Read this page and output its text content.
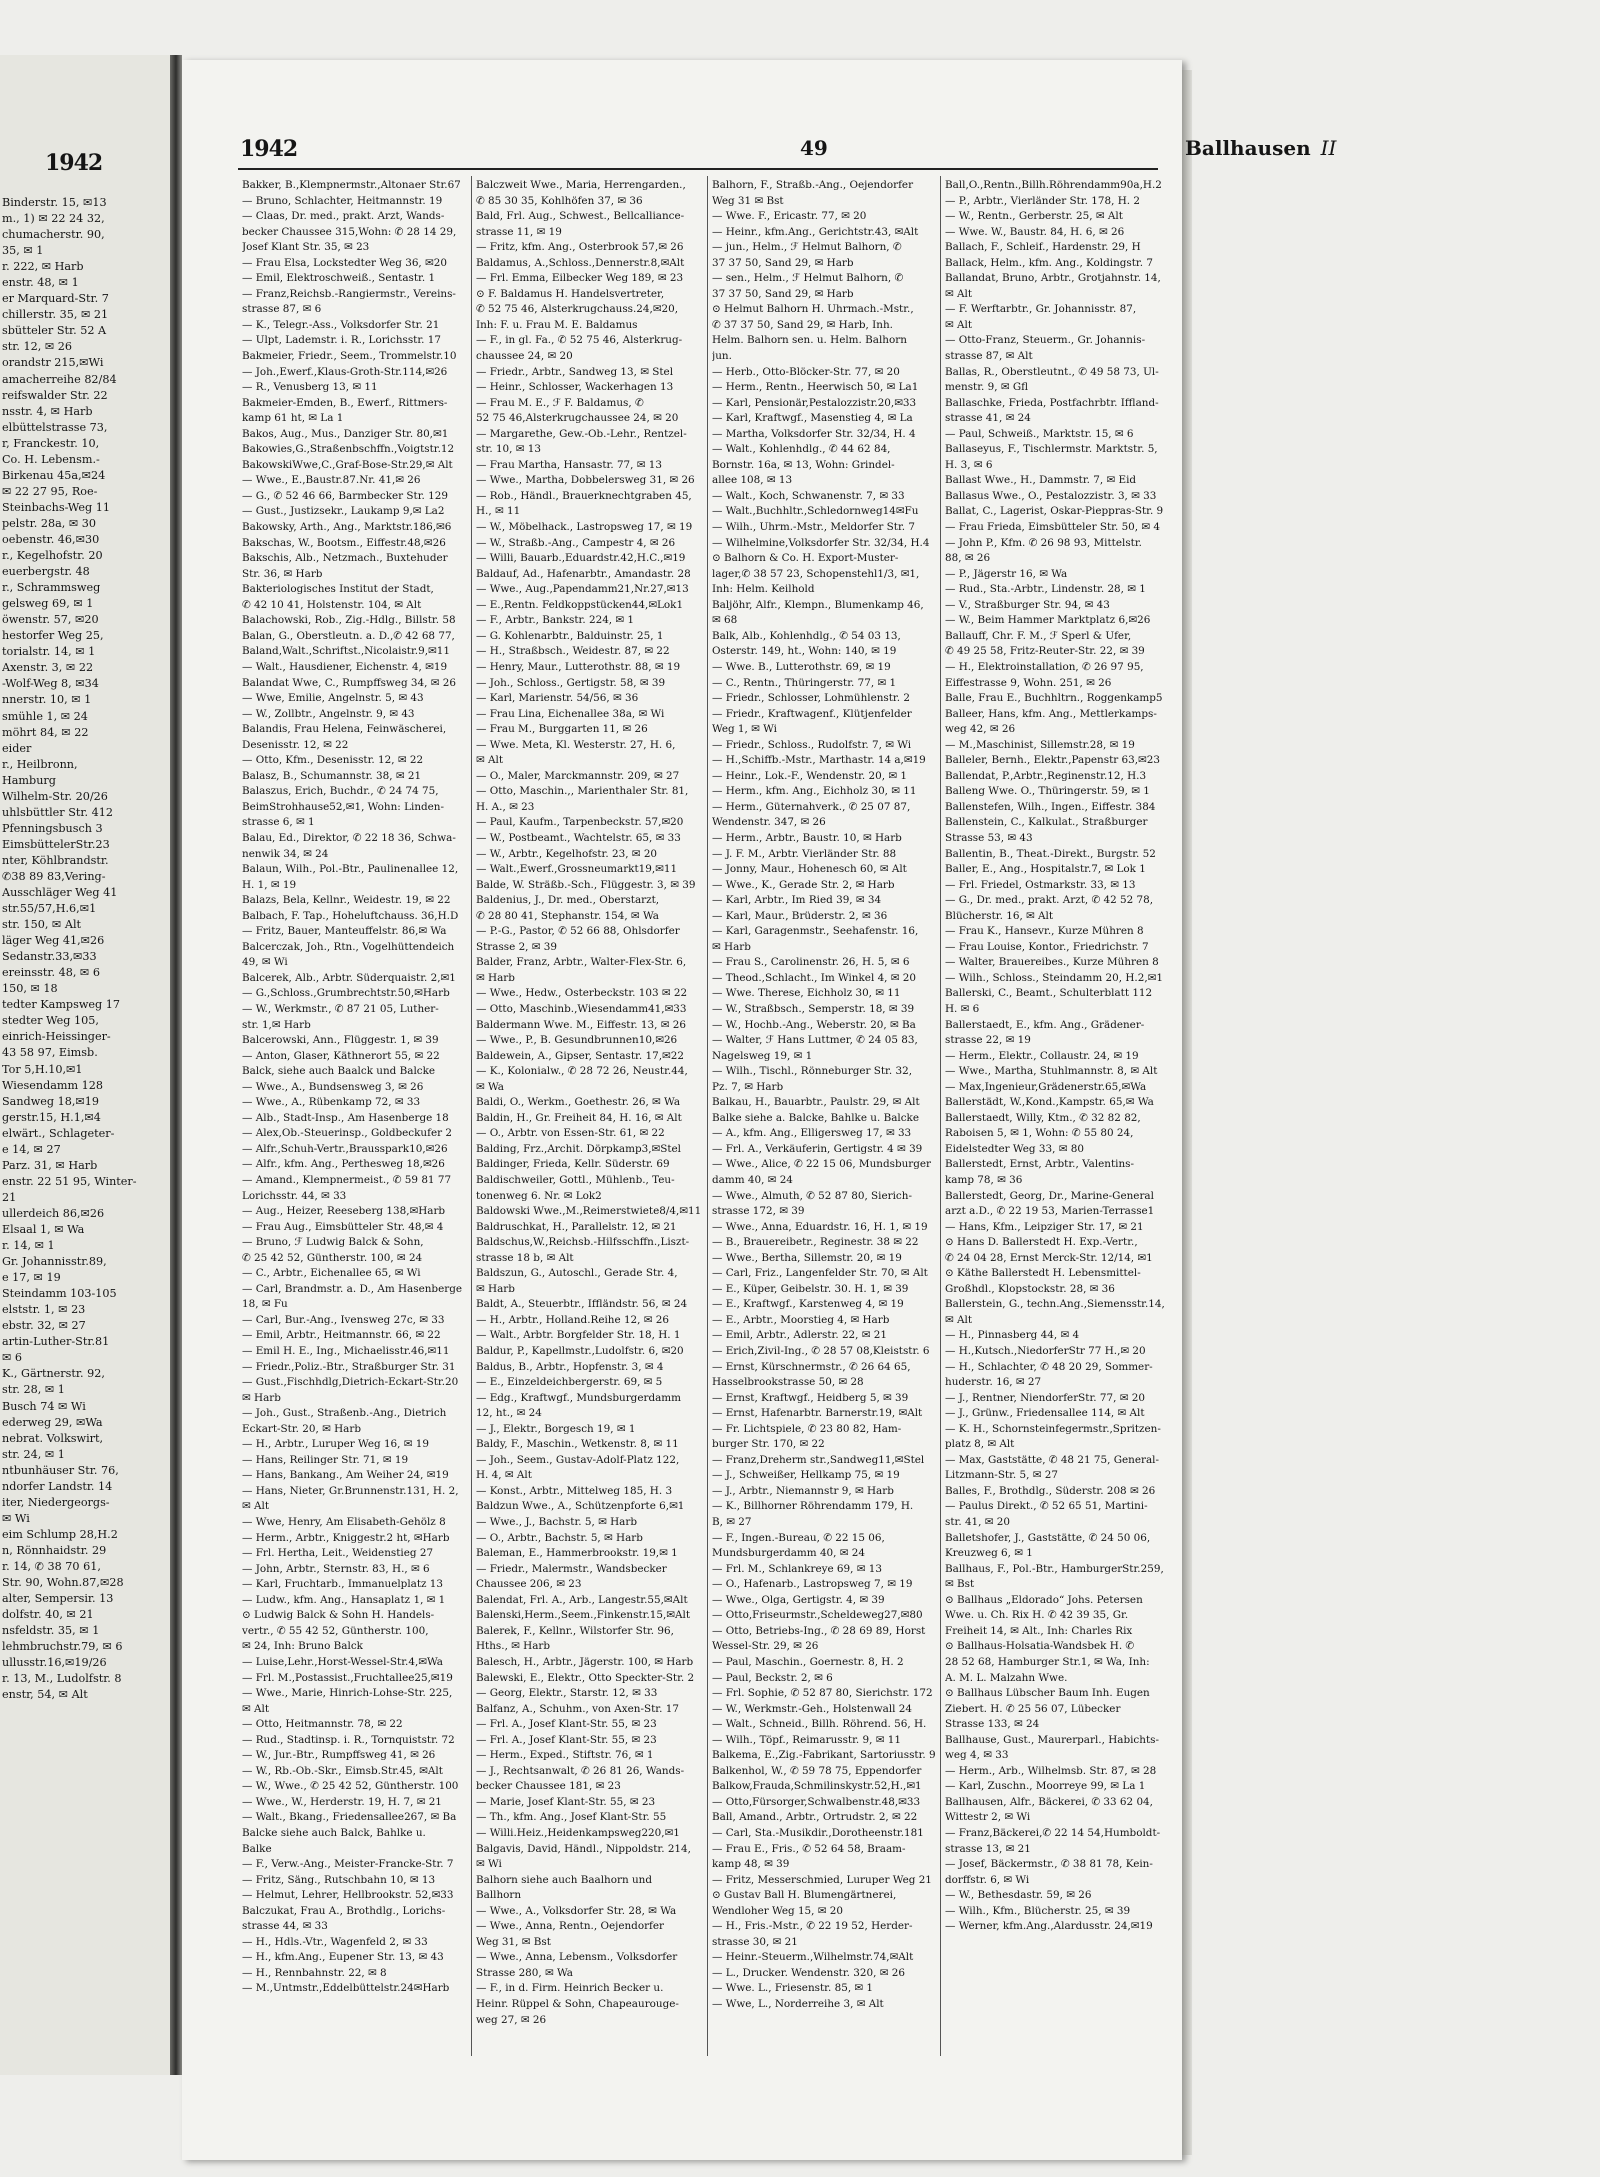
1942
Binderstr. 15, ✉13
m., 1) ✉ 22 24 32,
chumacherstr. 90,
35, ✉ 1
r. 222, ✉ Harb
enstr. 48, ✉ 1
er Marquard-Str. 7
chillerstr. 35, ✉ 21
sbütteler Str. 52 A
str. 12, ✉ 26
orandstr 215,✉Wi
amacherreihe 82/84
reifswalder Str. 22
nsstr. 4, ✉ Harb
elbüttelstrasse 73,
r, Franckestr. 10,
Co. H. Lebensm.-
Birkenau 45a,✉24
✉ 22 27 95, Roe-
Steinbachs-Weg 11
pelstr. 28a, ✉ 30
oebenstr. 46,✉30
r., Kegelhofstr. 20
euerbergstr. 48
r., Schrammsweg
gelsweg 69, ✉ 1
öwenstr. 57, ✉20
hestorfer Weg 25,
torialstr. 14, ✉ 1
Axenstr. 3, ✉ 22
-Wolf-Weg 8, ✉34
nnerstr. 10, ✉ 1
smühle 1, ✉ 24
möhrt 84, ✉ 22
eider
r., Heilbronn,
Hamburg
Wilhelm-Str. 20/26
uhlsbüttler Str. 412
Pfenningsbusch 3
EimsbüttelerStr.23
nter, Köhlbrandstr.
✆38 89 83,Vering-
Ausschläger Weg 41
str.55/57,H.6,✉1
str. 150, ✉ Alt
läger Weg 41,✉26
Sedanstr.33,✉33
ereinsstr. 48, ✉ 6
150, ✉ 18
tedter Kampsweg 17
stedter Weg 105,
einrich-Heissinger-
43 58 97, Eimsb.
Tor 5,H.10,✉1
Wiesendamm 128
Sandweg 18,✉19
gerstr.15, H.1,✉4
elwärt., Schlageter-
e 14, ✉ 27
Parz. 31, ✉ Harb
enstr. 22 51 95, Winter-
21
ullerdeich 86,✉26
Elsaal 1, ✉ Wa
r. 14, ✉ 1
Gr. Johannisstr.89,
e 17, ✉ 19
Steindamm 103-105
elststr. 1, ✉ 23
ebstr. 32, ✉ 27
artin-Luther-Str.81
✉ 6
K., Gärtnerstr. 92,
str. 28, ✉ 1
Busch 74 ✉ Wi
ederweg 29, ✉Wa
nebrat. Volkswirt,
str. 24, ✉ 1
ntbunhäuser Str. 76,
ndorfer Landstr. 14
iter, Niedergeorgs-
✉ Wi
eim Schlump 28,H.2
n, Rönnhaidstr. 29
r. 14, ✆ 38 70 61,
Str. 90, Wohn.87,✉28
alter, Sempersir. 13
dolfstr. 40, ✉ 21
nsfeldstr. 35, ✉ 1
lehmbruchstr.79, ✉ 6
ullusstr.16,✉19/26
r. 13, M., Ludolfstr. 8
enstr, 54, ✉ Alt
1942	49	Ballhausen II
Bakker, B.,Klempnermstr.,Altonaer Str.67
— Bruno, Schlachter, Heitmannstr. 19
— Claas, Dr. med., prakt. Arzt, Wands-
becker Chaussee 315,Wohn: ✆ 28 14 29,
Josef Klant Str. 35, ✉ 23
— Frau Elsa, Lockstedter Weg 36, ✉20
— Emil, Elektroschweiß., Sentastr. 1
— Franz,Reichsb.-Rangiermstr., Vereins-
strasse 87, ✉ 6
— K., Telegr.-Ass., Volksdorfer Str. 21
— Ulpt, Lademstr. i. R., Lorichsstr. 17
Bakmeier, Friedr., Seem., Trommelstr.10
— Joh.,Ewerf.,Klaus-Groth-Str.114,✉26
— R., Venusberg 13, ✉ 11
Bakmeier-Emden, B., Ewerf., Rittmers-
kamp 61 ht, ✉ La 1
Bakos, Aug., Mus., Danziger Str. 80,✉1
Bakowies,G.,Straßenbschffn.,Voigtstr.12
BakowskiWwe,C.,Graf-Bose-Str.29,✉ Alt
— Wwe., E.,Baustr.87.Nr. 41,✉ 26
— G., ✆ 52 46 66, Barmbecker Str. 129
— Gust., Justizsekr., Laukamp 9,✉ La2
Bakowsky, Arth., Ang., Marktstr.186,✉6
Bakschas, W., Bootsm., Eiffestr.48,✉26
Bakschis, Alb., Netzmach., Buxtehuder
Str. 36, ✉ Harb
Bakteriologisches Institut der Stadt,
✆ 42 10 41, Holstenstr. 104, ✉ Alt
Balachowski, Rob., Zig.-Hdlg., Billstr. 58
Balan, G., Oberstleutn. a. D.,✆ 42 68 77,
Baland,Walt.,Schriftst.,Nicolaistr.9,✉11
— Walt., Hausdiener, Eichenstr. 4, ✉19
Balandat Wwe, C., Rumpffsweg 34, ✉ 26
— Wwe, Emilie, Angelnstr. 5, ✉ 43
— W., Zollbtr., Angelnstr. 9, ✉ 43
Balandis, Frau Helena, Feinwäscherei,
Desenisstr. 12, ✉ 22
— Otto, Kfm., Desenisstr. 12, ✉ 22
Balasz, B., Schumannstr. 38, ✉ 21
Balaszus, Erich, Buchdr., ✆ 24 74 75,
BeimStrohhause52,✉1, Wohn: Linden-
strasse 6, ✉ 1
Balau, Ed., Direktor, ✆ 22 18 36, Schwa-
nenwik 34, ✉ 24
Balaun, Wilh., Pol.-Btr., Paulinenallee 12,
H. 1, ✉ 19
Balazs, Bela, Kellnr., Weidestr. 19, ✉ 22
Balbach, F. Tap., Hoheluftchauss. 36,H.D
— Fritz, Bauer, Manteuffelstr. 86,✉ Wa
Balcerczak, Joh., Rtn., Vogelhüttendeich
49, ✉ Wi
Balcerek, Alb., Arbtr. Süderquaistr. 2,✉1
— G.,Schloss.,Grumbrechtstr.50,✉Harb
— W., Werkmstr., ✆ 87 21 05, Luther-
str. 1,✉ Harb
Balcerowski, Ann., Flüggestr. 1, ✉ 39
— Anton, Glaser, Käthnerort 55, ✉ 22
Balck, siehe auch Baalck und Balcke
— Wwe., A., Bundsensweg 3, ✉ 26
— Wwe., A., Rübenkamp 72, ✉ 33
— Alb., Stadt-Insp., Am Hasenberge 18
— Alex,Ob.-Steuerinsp., Goldbeckufer 2
— Alfr.,Schuh-Vertr.,Brausspark10,✉26
— Alfr., kfm. Ang., Perthesweg 18,✉26
— Amand., Klempnermeist., ✆ 59 81 77
Lorichsstr. 44, ✉ 33
— Aug., Heizer, Reeseberg 138,✉Harb
— Frau Aug., Eimsbütteler Str. 48,✉ 4
— Bruno, ℱ Ludwig Balck & Sohn,
✆ 25 42 52, Güntherstr. 100, ✉ 24
— C., Arbtr., Eichenallee 65, ✉ Wi
— Carl, Brandmstr. a. D., Am Hasenberge
18, ✉ Fu
— Carl, Bur.-Ang., Ivensweg 27c, ✉ 33
— Emil, Arbtr., Heitmannstr. 66, ✉ 22
— Emil H. E., Ing., Michaelisstr.46,✉11
— Friedr.,Poliz.-Btr., Straßburger Str. 31
— Gust.,Fischhdlg,Dietrich-Eckart-Str.20
✉ Harb
— Joh., Gust., Straßenb.-Ang., Dietrich
Eckart-Str. 20, ✉ Harb
— H., Arbtr., Luruper Weg 16, ✉ 19
— Hans, Reilinger Str. 71, ✉ 19
— Hans, Bankang., Am Weiher 24, ✉19
— Hans, Nieter, Gr.Brunnenstr.131, H. 2,
✉ Alt
— Wwe, Henry, Am Elisabeth-Gehölz 8
— Herm., Arbtr., Kniggestr.2 ht, ✉Harb
— Frl. Hertha, Leit., Weidenstieg 27
— John, Arbtr., Sternstr. 83, H., ✉ 6
— Karl, Fruchtarb., Immanuelplatz 13
— Ludw., kfm. Ang., Hansaplatz 1, ✉ 1
⊙ Ludwig Balck & Sohn H. Handels-
vertr., ✆ 55 42 52, Güntherstr. 100,
✉ 24, Inh: Bruno Balck
— Luise,Lehr.,Horst-Wessel-Str.4,✉Wa
— Frl. M.,Postassist.,Fruchtallee25,✉19
— Wwe., Marie, Hinrich-Lohse-Str. 225,
✉ Alt
— Otto, Heitmannstr. 78, ✉ 22
— Rud., Stadtinsp. i. R., Tornquiststr. 72
— W., Jur.-Btr., Rumpffsweg 41, ✉ 26
— W., Rb.-Ob.-Skr., Eimsb.Str.45, ✉Alt
— W., Wwe., ✆ 25 42 52, Güntherstr. 100
— Wwe., W., Herderstr. 19, H. 7, ✉ 21
— Walt., Bkang., Friedensallee267, ✉ Ba
Balcke siehe auch Balck, Bahlke u.
Balke
— F., Verw.-Ang., Meister-Francke-Str. 7
— Fritz, Säng., Rutschbahn 10, ✉ 13
— Helmut, Lehrer, Hellbrookstr. 52,✉33
Balczukat, Frau A., Brothdlg., Lorichs-
strasse 44, ✉ 33
— H., Hdls.-Vtr., Wagenfeld 2, ✉ 33
— H., kfm.Ang., Eupener Str. 13, ✉ 43
— H., Rennbahnstr. 22, ✉ 8
— M.,Untmstr.,Eddelbüttelstr.24✉Harb
Balczweit Wwe., Maria, Herrengarden.,
✆ 85 30 35, Kohlhöfen 37, ✉ 36
Bald, Frl. Aug., Schwest., Bellcalliance-
strasse 11, ✉ 19
— Fritz, kfm. Ang., Osterbrook 57,✉ 26
Baldamus, A.,Schloss.,Dennerstr.8,✉Alt
— Frl. Emma, Eilbecker Weg 189, ✉ 23
⊙ F. Baldamus H. Handelsvertreter,
✆ 52 75 46, Alsterkrugchauss.24,✉20,
Inh: F. u. Frau M. E. Baldamus
— F., in gl. Fa., ✆ 52 75 46, Alsterkrug-
chaussee 24, ✉ 20
— Friedr., Arbtr., Sandweg 13, ✉ Stel
— Heinr., Schlosser, Wackerhagen 13
— Frau M. E., ℱ F. Baldamus, ✆
52 75 46,Alsterkrugchaussee 24, ✉ 20
— Margarethe, Gew.-Ob.-Lehr., Rentzel-
str. 10, ✉ 13
— Frau Martha, Hansastr. 77, ✉ 13
— Wwe., Martha, Dobbelersweg 31, ✉ 26
— Rob., Händl., Brauerknechtgraben 45,
H., ✉ 11
— W., Möbelhack., Lastropsweg 17, ✉ 19
— W., Straßb.-Ang., Campestr 4, ✉ 26
— Willi, Bauarb.,Eduardstr.42,H.C.,✉19
Baldauf, Ad., Hafenarbtr., Amandastr. 28
— Wwe., Aug.,Papendamm21,Nr.27,✉13
— E.,Rentn. Feldkoppstücken44,✉Lok1
— F., Arbtr., Bankstr. 224, ✉ 1
— G. Kohlenarbtr., Balduinstr. 25, 1
— H., Straßbsch., Weidestr. 87, ✉ 22
— Henry, Maur., Lutterothstr. 88, ✉ 19
— Joh., Schloss., Gertigstr. 58, ✉ 39
— Karl, Marienstr. 54/56, ✉ 36
— Frau Lina, Eichenallee 38a, ✉ Wi
— Frau M., Burggarten 11, ✉ 26
— Wwe. Meta, Kl. Westerstr. 27, H. 6,
✉ Alt
— O., Maler, Marckmannstr. 209, ✉ 27
— Otto, Maschin.,, Marienthaler Str. 81,
H. A., ✉ 23
— Paul, Kaufm., Tarpenbeckstr. 57,✉20
— W., Postbeamt., Wachtelstr. 65, ✉ 33
— W., Arbtr., Kegelhofstr. 23, ✉ 20
— Walt.,Ewerf.,Grossneumarkt19,✉11
Balde, W. Sträßb.-Sch., Flüggestr. 3, ✉ 39
Baldenius, J., Dr. med., Oberstarzt,
✆ 28 80 41, Stephanstr. 154, ✉ Wa
— P.-G., Pastor, ✆ 52 66 88, Ohlsdorfer
Strasse 2, ✉ 39
Balder, Franz, Arbtr., Walter-Flex-Str. 6,
✉ Harb
— Wwe., Hedw., Osterbeckstr. 103 ✉ 22
— Otto, Maschinb.,Wiesendamm41,✉33
Baldermann Wwe. M., Eiffestr. 13, ✉ 26
— Wwe., P., B. Gesundbrunnen10,✉26
Baldewein, A., Gipser, Sentastr. 17,✉22
— K., Kolonialw., ✆ 28 72 26, Neustr.44,
✉ Wa
Baldi, O., Werkm., Goethestr. 26, ✉ Wa
Baldin, H., Gr. Freiheit 84, H. 16, ✉ Alt
— O., Arbtr. von Essen-Str. 61, ✉ 22
Balding, Frz.,Archit. Dörpkamp3,✉Stel
Baldinger, Frieda, Kellr. Süderstr. 69
Baldischweiler, Gottl., Mühlenb., Teu-
tonenweg 6. Nr. ✉ Lok2
Baldowski Wwe.,M.,Reimerstwiete8/4,✉11
Baldruschkat, H., Parallelstr. 12, ✉ 21
Baldschus,W.,Reichsb.-Hilfsschffn.,Liszt-
strasse 18 b, ✉ Alt
Baldszun, G., Autoschl., Gerade Str. 4,
✉ Harb
Baldt, A., Steuerbtr., Iffländstr. 56, ✉ 24
— H., Arbtr., Holland.Reihe 12, ✉ 26
— Walt., Arbtr. Borgfelder Str. 18, H. 1
Baldur, P., Kapellmstr.,Ludolfstr. 6, ✉20
Baldus, B., Arbtr., Hopfenstr. 3, ✉ 4
— E., Einzeldeichbergerstr. 69, ✉ 5
— Edg., Kraftwgf., Mundsburgerdamm
12, ht., ✉ 24
— J., Elektr., Borgesch 19, ✉ 1
Baldy, F., Maschin., Wetkenstr. 8, ✉ 11
— Joh., Seem., Gustav-Adolf-Platz 122,
H. 4, ✉ Alt
— Konst., Arbtr., Mittelweg 185, H. 3
Baldzun Wwe., A., Schützenpforte 6,✉1
— Wwe., J., Bachstr. 5, ✉ Harb
— O., Arbtr., Bachstr. 5, ✉ Harb
Baleman, E., Hammerbrookstr. 19,✉ 1
— Friedr., Malermstr., Wandsbecker
Chaussee 206, ✉ 23
Balendat, Frl. A., Arb., Langestr.55,✉Alt
Balenski,Herm.,Seem.,Finkenstr.15,✉Alt
Balerek, F., Kellnr., Wilstorfer Str. 96,
Hths., ✉ Harb
Balesch, H., Arbtr., Jägerstr. 100, ✉ Harb
Balewski, E., Elektr., Otto Speckter-Str. 2
— Georg, Elektr., Starstr. 12, ✉ 33
Balfanz, A., Schuhm., von Axen-Str. 17
— Frl. A., Josef Klant-Str. 55, ✉ 23
— Frl. A., Josef Klant-Str. 55, ✉ 23
— Herm., Exped., Stiftstr. 76, ✉ 1
— J., Rechtsanwalt, ✆ 26 81 26, Wands-
becker Chaussee 181, ✉ 23
— Marie, Josef Klant-Str. 55, ✉ 23
— Th., kfm. Ang., Josef Klant-Str. 55
— Willi.Heiz.,Heidenkampsweg220,✉1
Balgavis, David, Händl., Nippoldstr. 214,
✉ Wi
Balhorn siehe auch Baalhorn und
Ballhorn
— Wwe., A., Volksdorfer Str. 28, ✉ Wa
— Wwe., Anna, Rentn., Oejendorfer
Weg 31, ✉ Bst
— Wwe., Anna, Lebensm., Volksdorfer
Strasse 280, ✉ Wa
— F., in d. Firm. Heinrich Becker u.
Heinr. Rüppel & Sohn, Chapeaurouge-
weg 27, ✉ 26
Balhorn, F., Straßb.-Ang., Oejendorfer
Weg 31 ✉ Bst
— Wwe. F., Ericastr. 77, ✉ 20
— Heinr., kfm.Ang., Gerichtstr.43, ✉Alt
— jun., Helm., ℱ Helmut Balhorn, ✆
37 37 50, Sand 29, ✉ Harb
— sen., Helm., ℱ Helmut Balhorn, ✆
37 37 50, Sand 29, ✉ Harb
⊙ Helmut Balhorn H. Uhrmach.-Mstr.,
✆ 37 37 50, Sand 29, ✉ Harb, Inh.
Helm. Balhorn sen. u. Helm. Balhorn
jun.
— Herb., Otto-Blöcker-Str. 77, ✉ 20
— Herm., Rentn., Heerwisch 50, ✉ La1
— Karl, Pensionär,Pestalozzistr.20,✉33
— Karl, Kraftwgf., Masenstieg 4, ✉ La
— Martha, Volksdorfer Str. 32/34, H. 4
— Walt., Kohlenhdlg., ✆ 44 62 84,
Bornstr. 16a, ✉ 13, Wohn: Grindel-
allee 108, ✉ 13
— Walt., Koch, Schwanenstr. 7, ✉ 33
— Walt.,Buchhltr.,Schledornweg14✉Fu
— Wilh., Uhrm.-Mstr., Meldorfer Str. 7
— Wilhelmine,Volksdorfer Str. 32/34, H.4
⊙ Balhorn & Co. H. Export-Muster-
lager,✆ 38 57 23, Schopenstehl1/3, ✉1,
Inh: Helm. Keilhold
Baljöhr, Alfr., Klempn., Blumenkamp 46,
✉ 68
Balk, Alb., Kohlenhdlg., ✆ 54 03 13,
Osterstr. 149, ht., Wohn: 140, ✉ 19
— Wwe. B., Lutterothstr. 69, ✉ 19
— C., Rentn., Thüringerstr. 77, ✉ 1
— Friedr., Schlosser, Lohmühlenstr. 2
— Friedr., Kraftwagenf., Klütjenfelder
Weg 1, ✉ Wi
— Friedr., Schloss., Rudolfstr. 7, ✉ Wi
— H.,Schiffb.-Mstr., Marthastr. 14 a,✉19
— Heinr., Lok.-F., Wendenstr. 20, ✉ 1
— Herm., kfm. Ang., Eichholz 30, ✉ 11
— Herm., Güternahverk., ✆ 25 07 87,
Wendenstr. 347, ✉ 26
— Herm., Arbtr., Baustr. 10, ✉ Harb
— J. F. M., Arbtr. Vierländer Str. 88
— Jonny, Maur., Hohenesch 60, ✉ Alt
— Wwe., K., Gerade Str. 2, ✉ Harb
— Karl, Arbtr., Im Ried 39, ✉ 34
— Karl, Maur., Brüderstr. 2, ✉ 36
— Karl, Garagenmstr., Seehafenstr. 16,
✉ Harb
— Frau S., Carolinenstr. 26, H. 5, ✉ 6
— Theod.,Schlacht., Im Winkel 4, ✉ 20
— Wwe. Therese, Eichholz 30, ✉ 11
— W., Straßbsch., Semperstr. 18, ✉ 39
— W., Hochb.-Ang., Weberstr. 20, ✉ Ba
— Walter, ℱ Hans Luttmer, ✆ 24 05 83,
Nagelsweg 19, ✉ 1
— Wilh., Tischl., Rönneburger Str. 32,
Pz. 7, ✉ Harb
Balkau, H., Bauarbtr., Paulstr. 29, ✉ Alt
Balke siehe a. Balcke, Bahlke u. Balcke
— A., kfm. Ang., Elligersweg 17, ✉ 33
— Frl. A., Verkäuferin, Gertigstr. 4 ✉ 39
— Wwe., Alice, ✆ 22 15 06, Mundsburger
damm 40, ✉ 24
— Wwe., Almuth, ✆ 52 87 80, Sierich-
strasse 172, ✉ 39
— Wwe., Anna, Eduardstr. 16, H. 1, ✉ 19
— B., Brauereibetr., Reginestr. 38 ✉ 22
— Wwe., Bertha, Sillemstr. 20, ✉ 19
— Carl, Friz., Langenfelder Str. 70, ✉ Alt
— E., Küper, Geibelstr. 30. H. 1, ✉ 39
— E., Kraftwgf., Karstenweg 4, ✉ 19
— E., Arbtr., Moorstieg 4, ✉ Harb
— Emil, Arbtr., Adlerstr. 22, ✉ 21
— Erich,Zivil-Ing., ✆ 28 57 08,Kleiststr. 6
— Ernst, Kürschnermstr., ✆ 26 64 65,
Hasselbrookstrasse 50, ✉ 28
— Ernst, Kraftwgf., Heidberg 5, ✉ 39
— Ernst, Hafenarbtr. Barnerstr.19, ✉Alt
— Fr. Lichtspiele, ✆ 23 80 82, Ham-
burger Str. 170, ✉ 22
— Franz,Dreherm str.,Sandweg11,✉Stel
— J., Schweißer, Hellkamp 75, ✉ 19
— J., Arbtr., Niemannstr 9, ✉ Harb
— K., Billhorner Röhrendamm 179, H.
B, ✉ 27
— F., Ingen.-Bureau, ✆ 22 15 06,
Mundsburgerdamm 40, ✉ 24
— Frl. M., Schlankreye 69, ✉ 13
— O., Hafenarb., Lastropsweg 7, ✉ 19
— Wwe., Olga, Gertigstr. 4, ✉ 39
— Otto,Friseurmstr.,Scheldeweg27,✉80
— Otto, Betriebs-Ing., ✆ 28 69 89, Horst
Wessel-Str. 29, ✉ 26
— Paul, Maschin., Goernestr. 8, H. 2
— Paul, Beckstr. 2, ✉ 6
— Frl. Sophie, ✆ 52 87 80, Sierichstr. 172
— W., Werkmstr.-Geh., Holstenwall 24
— Walt., Schneid., Billh. Röhrend. 56, H.
— Wilh., Töpf., Reimarusstr. 9, ✉ 11
Balkema, E.,Zig.-Fabrikant, Sartoriusstr. 9
Balkenhol, W., ✆ 59 78 75, Eppendorfer
Balkow,Frauda,Schmilinskystr.52,H.,✉1
— Otto,Fürsorger,Schwalbenstr.48,✉33
Ball, Amand., Arbtr., Ortrudstr. 2, ✉ 22
— Carl, Sta.-Musikdir.,Dorotheenstr.181
— Frau E., Fris., ✆ 52 64 58, Braam-
kamp 48, ✉ 39
— Fritz, Messerschmied, Luruper Weg 21
⊙ Gustav Ball H. Blumengärtnerei,
Wendloher Weg 15, ✉ 20
— H., Fris.-Mstr., ✆ 22 19 52, Herder-
strasse 30, ✉ 21
— Heinr.-Steuerm.,Wilhelmstr.74,✉Alt
— L., Drucker. Wendenstr. 320, ✉ 26
— Wwe. L., Friesenstr. 85, ✉ 1
— Wwe, L., Norderreihe 3, ✉ Alt
Ball,O.,Rentn.,Billh.Röhrendamm90a,H.2
— P., Arbtr., Vierländer Str. 178, H. 2
— W., Rentn., Gerberstr. 25, ✉ Alt
— Wwe. W., Baustr. 84, H. 6, ✉ 26
Ballach, F., Schleif., Hardenstr. 29, H
Ballack, Helm., kfm. Ang., Koldingstr. 7
Ballandat, Bruno, Arbtr., Grotjahnstr. 14,
✉ Alt
— F. Werftarbtr., Gr. Johannisstr. 87,
✉ Alt
— Otto-Franz, Steuerm., Gr. Johannis-
strasse 87, ✉ Alt
Ballas, R., Oberstleutnt., ✆ 49 58 73, Ul-
menstr. 9, ✉ Gfl
Ballaschke, Frieda, Postfachrbtr. Iffland-
strasse 41, ✉ 24
— Paul, Schweiß., Marktstr. 15, ✉ 6
Ballaseyus, F., Tischlermstr. Marktstr. 5,
H. 3, ✉ 6
Ballast Wwe., H., Dammstr. 7, ✉ Eid
Ballasus Wwe., O., Pestalozzistr. 3, ✉ 33
Ballat, C., Lagerist, Oskar-Pieppras-Str. 9
— Frau Frieda, Eimsbütteler Str. 50, ✉ 4
— John P., Kfm. ✆ 26 98 93, Mittelstr.
88, ✉ 26
— P., Jägerstr 16, ✉ Wa
— Rud., Sta.-Arbtr., Lindenstr. 28, ✉ 1
— V., Straßburger Str. 94, ✉ 43
— W., Beim Hammer Marktplatz 6,✉26
Ballauff, Chr. F. M., ℱ Sperl & Ufer,
✆ 49 25 58, Fritz-Reuter-Str. 22, ✉ 39
— H., Elektroinstallation, ✆ 26 97 95,
Eiffestrasse 9, Wohn. 251, ✉ 26
Balle, Frau E., Buchhltrn., Roggenkamp5
Balleer, Hans, kfm. Ang., Mettlerkamps-
weg 42, ✉ 26
— M.,Maschinist, Sillemstr.28, ✉ 19
Balleler, Bernh., Elektr.,Papenstr 63,✉23
Ballendat, P.,Arbtr.,Reginenstr.12, H.3
Balleng Wwe. O., Thüringerstr. 59, ✉ 1
Ballenstefen, Wilh., Ingen., Eiffestr. 384
Ballenstein, C., Kalkulat., Straßburger
Strasse 53, ✉ 43
Ballentin, B., Theat.-Direkt., Burgstr. 52
Baller, E., Ang., Hospitalstr.7, ✉ Lok 1
— Frl. Friedel, Ostmarkstr. 33, ✉ 13
— G., Dr. med., prakt. Arzt, ✆ 42 52 78,
Blücherstr. 16, ✉ Alt
— Frau K., Hansevr., Kurze Mühren 8
— Frau Louise, Kontor., Friedrichstr. 7
— Walter, Brauereibes., Kurze Mühren 8
— Wilh., Schloss., Steindamm 20, H.2,✉1
Ballerski, C., Beamt., Schulterblatt 112
H. ✉ 6
Ballerstaedt, E., kfm. Ang., Grädener-
strasse 22, ✉ 19
— Herm., Elektr., Collaustr. 24, ✉ 19
— Wwe., Martha, Stuhlmannstr. 8, ✉ Alt
— Max,Ingenieur,Grädenerstr.65,✉Wa
Ballerstädt, W.,Kond.,Kampstr. 65,✉ Wa
Ballerstaedt, Willy, Ktm., ✆ 32 82 82,
Raboisen 5, ✉ 1, Wohn: ✆ 55 80 24,
Eidelstedter Weg 33, ✉ 80
Ballerstedt, Ernst, Arbtr., Valentins-
kamp 78, ✉ 36
Ballerstedt, Georg, Dr., Marine-General
arzt a.D., ✆ 22 19 53, Marien-Terrasse1
— Hans, Kfm., Leipziger Str. 17, ✉ 21
⊙ Hans D. Ballerstedt H. Exp.-Vertr.,
✆ 24 04 28, Ernst Merck-Str. 12/14, ✉1
⊙ Käthe Ballerstedt H. Lebensmittel-
Großhdl., Klopstockstr. 28, ✉ 36
Ballerstein, G., techn.Ang.,Siemensstr.14,
✉ Alt
— H., Pinnasberg 44, ✉ 4
— H.,Kutsch.,NiedorferStr 77 H.,✉ 20
— H., Schlachter, ✆ 48 20 29, Sommer-
huderstr. 16, ✉ 27
— J., Rentner, NiendorferStr. 77, ✉ 20
— J., Grünw., Friedensallee 114, ✉ Alt
— K. H., Schornsteinfegermstr.,Spritzen-
platz 8, ✉ Alt
— Max, Gaststätte, ✆ 48 21 75, General-
Litzmann-Str. 5, ✉ 27
Balles, F., Brothdlg., Süderstr. 208 ✉ 26
— Paulus Direkt., ✆ 52 65 51, Martini-
str. 41, ✉ 20
Balletshofer, J., Gaststätte, ✆ 24 50 06,
Kreuzweg 6, ✉ 1
Ballhaus, F., Pol.-Btr., HamburgerStr.259,
✉ Bst
⊙ Ballhaus „Eldorado“ Johs. Petersen
Wwe. u. Ch. Rix H. ✆ 42 39 35, Gr.
Freiheit 14, ✉ Alt., Inh: Charles Rix
⊙ Ballhaus-Holsatia-Wandsbek H. ✆
28 52 68, Hamburger Str.1, ✉ Wa, Inh:
A. M. L. Malzahn Wwe.
⊙ Ballhaus Lübscher Baum Inh. Eugen
Ziebert. H. ✆ 25 56 07, Lübecker
Strasse 133, ✉ 24
Ballhause, Gust., Maurerparl., Habichts-
weg 4, ✉ 33
— Herm., Arb., Wilhelmsb. Str. 87, ✉ 28
— Karl, Zuschn., Moorreye 99, ✉ La 1
Ballhausen, Alfr., Bäckerei, ✆ 33 62 04,
Wittestr 2, ✉ Wi
— Franz,Bäckerei,✆ 22 14 54,Humboldt-
strasse 13, ✉ 21
— Josef, Bäckermstr., ✆ 38 81 78, Kein-
dorffstr. 6, ✉ Wi
— W., Bethesdastr. 59, ✉ 26
— Wilh., Kfm., Blücherstr. 25, ✉ 39
— Werner, kfm.Ang.,Alardusstr. 24,✉19
